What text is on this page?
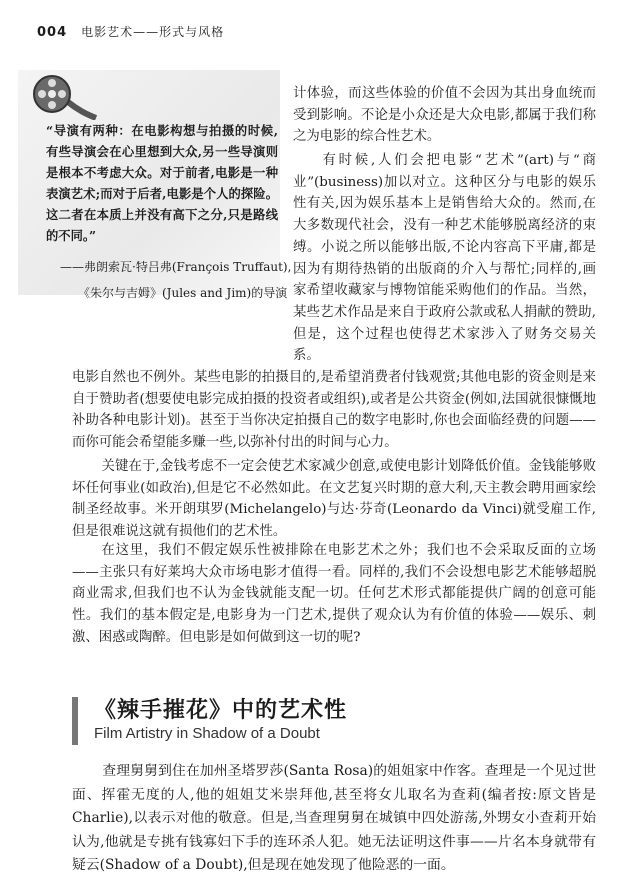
004 电影艺术——形式与风格
“导演有两种：在电影构想与拍摄的时候,有些导演会在心里想到大众,另一些导演则是根本不考虑大众。对于前者,电影是一种表演艺术;而对于后者,电影是个人的探险。这二者在本质上并没有高下之分,只是路线的不同。”
——弗朗索瓦·特吕弗(François Truffaut),
《朱尔与吉姆》(Jules and Jim)的导演
计体验，而这些体验的价值不会因为其出身血统而受到影响。不论是小众还是大众电影,都属于我们称之为电影的综合性艺术。
有时候,人们会把电影“艺术”(art)与“商业”(business)加以对立。这种区分与电影的娱乐性有关,因为娱乐基本上是销售给大众的。然而,在大多数现代社会，没有一种艺术能够脱离经济的束缚。小说之所以能够出版,不论内容高下平庸,都是因为有期待热销的出版商的介入与帮忙;同样的,画家希望收藏家与博物馆能采购他们的作品。当然，某些艺术作品是来自于政府公款或私人捐献的赞助,但是，这个过程也使得艺术家涉入了财务交易关系。
电影自然也不例外。某些电影的拍摄目的,是希望消费者付钱观赏;其他电影的资金则是来自于赞助者(想要使电影完成拍摄的投资者或组织),或者是公共资金(例如,法国就很慷慨地补助各种电影计划)。甚至于当你决定拍摄自己的数字电影时,你也会面临经费的问题——而你可能会希望能多赚一些,以弥补付出的时间与心力。
关键在于,金钱考虑不一定会使艺术家减少创意,或使电影计划降低价值。金钱能够败坏任何事业(如政治),但是它不必然如此。在文艺复兴时期的意大利,天主教会聘用画家绘制圣经故事。米开朗琪罗(Michelangelo)与达·芬奇(Leonardo da Vinci)就受雇工作,但是很难说这就有损他们的艺术性。
在这里，我们不假定娱乐性被排除在电影艺术之外；我们也不会采取反面的立场——主张只有好莱坞大众市场电影才值得一看。同样的,我们不会设想电影艺术能够超脱商业需求,但我们也不认为金钱就能支配一切。任何艺术形式都能提供广阔的创意可能性。我们的基本假定是,电影身为一门艺术,提供了观众认为有价值的体验——娱乐、刺激、困惑或陶醉。但电影是如何做到这一切的呢?
《辣手摧花》中的艺术性
Film Artistry in Shadow of a Doubt
查理舅舅到住在加州圣塔罗莎(Santa Rosa)的姐姐家中作客。查理是一个见过世面、挥霍无度的人,他的姐姐艾米崇拜他,甚至将女儿取名为查莉(编者按:原文皆是Charlie),以表示对他的敬意。但是,当查理舅舅在城镇中四处游荡,外甥女小查莉开始认为,他就是专挑有钱寡妇下手的连环杀人犯。她无法证明这件事——片名本身就带有疑云(Shadow of a Doubt),但是现在她发现了他险恶的一面。
